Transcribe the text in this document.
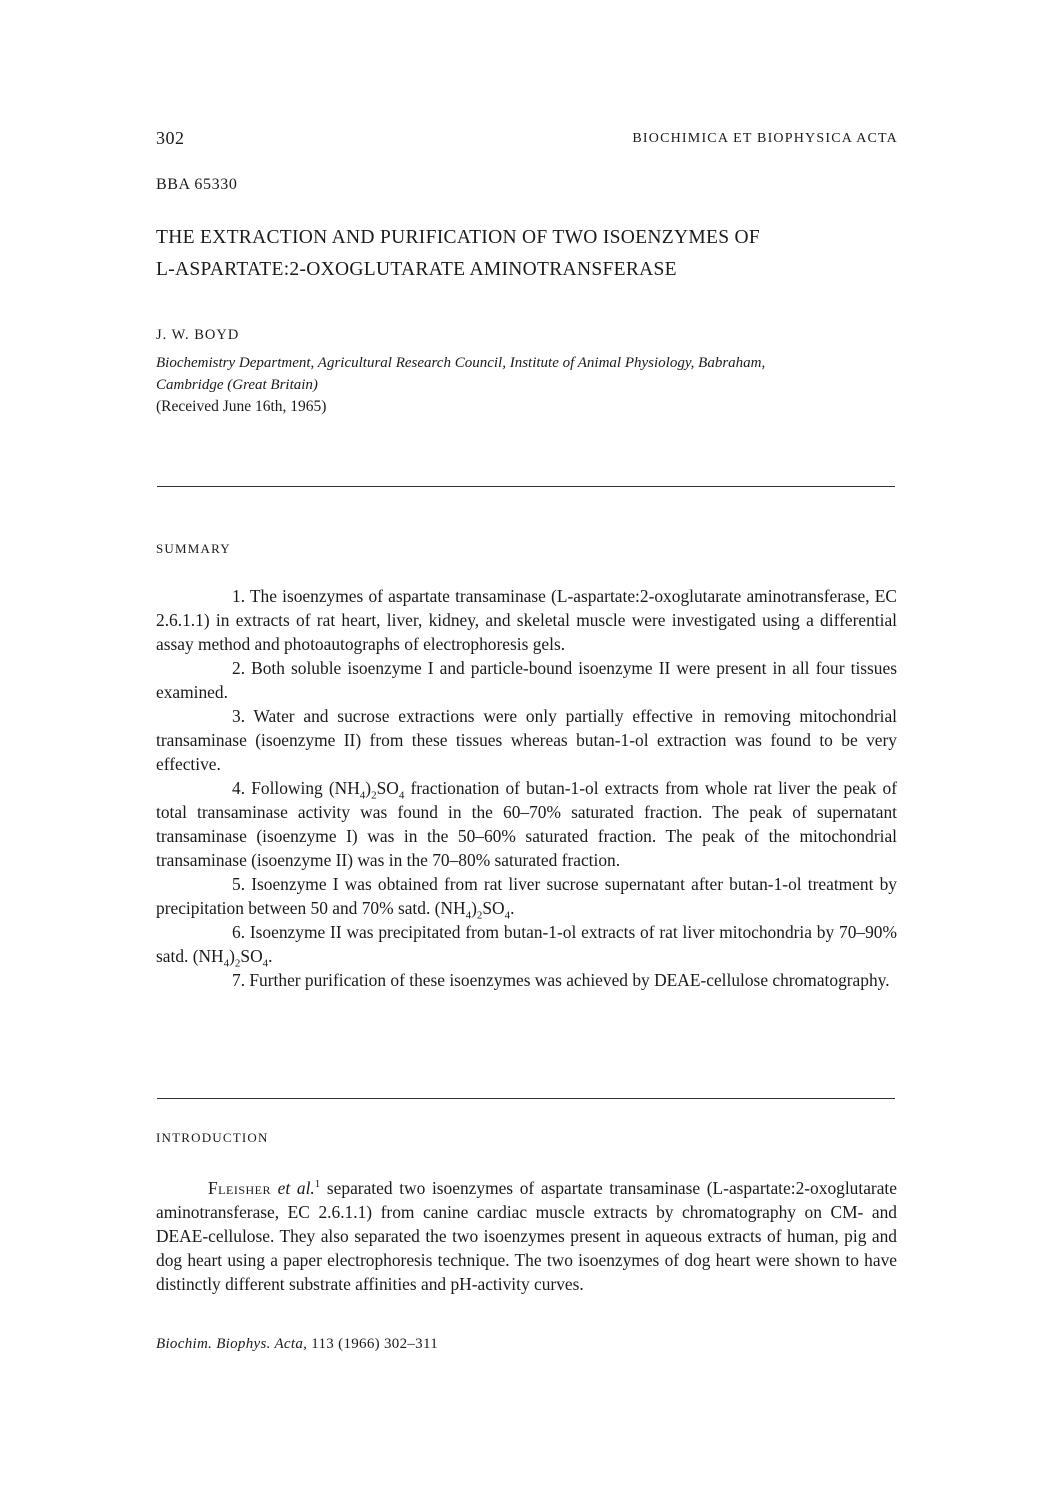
302	BIOCHIMICA ET BIOPHYSICA ACTA
BBA 65330
THE EXTRACTION AND PURIFICATION OF TWO ISOENZYMES OF
L-ASPARTATE:2-OXOGLUTARATE AMINOTRANSFERASE
J. W. BOYD
Biochemistry Department, Agricultural Research Council, Institute of Animal Physiology, Babraham,
Cambridge (Great Britain)
(Received June 16th, 1965)
SUMMARY

1. The isoenzymes of aspartate transaminase (L-aspartate:2-oxoglutarate aminotransferase, EC 2.6.1.1) in extracts of rat heart, liver, kidney, and skeletal muscle were investigated using a differential assay method and photoautographs of electrophoresis gels.

2. Both soluble isoenzyme I and particle-bound isoenzyme II were present in all four tissues examined.

3. Water and sucrose extractions were only partially effective in removing mitochondrial transaminase (isoenzyme II) from these tissues whereas butan-1-ol extraction was found to be very effective.

4. Following $(NH_4)_2SO_4$ fractionation of butan-1-ol extracts from whole rat liver the peak of total transaminase activity was found in the 60–70% saturated fraction. The peak of supernatant transaminase (isoenzyme I) was in the 50–60% saturated fraction. The peak of the mitochondrial transaminase (isoenzyme II) was in the 70–80% saturated fraction.

5. Isoenzyme I was obtained from rat liver sucrose supernatant after butan-1-ol treatment by precipitation between 50 and 70% satd. $(NH_4)_2SO_4$.

6. Isoenzyme II was precipitated from butan-1-ol extracts of rat liver mitochondria by 70–90% satd. $(NH_4)_2SO_4$.

7. Further purification of these isoenzymes was achieved by DEAE-cellulose chromatography.

INTRODUCTION

Fleisher et al.$^1$ separated two isoenzymes of aspartate transaminase (L-aspartate:2-oxoglutarate aminotransferase, EC 2.6.1.1) from canine cardiac muscle extracts by chromatography on CM- and DEAE-cellulose. They also separated the two isoenzymes present in aqueous extracts of human, pig and dog heart using a paper electrophoresis technique. The two isoenzymes of dog heart were shown to have distinctly different substrate affinities and pH-activity curves.

Biochim. Biophys. Acta, 113 (1966) 302–311
